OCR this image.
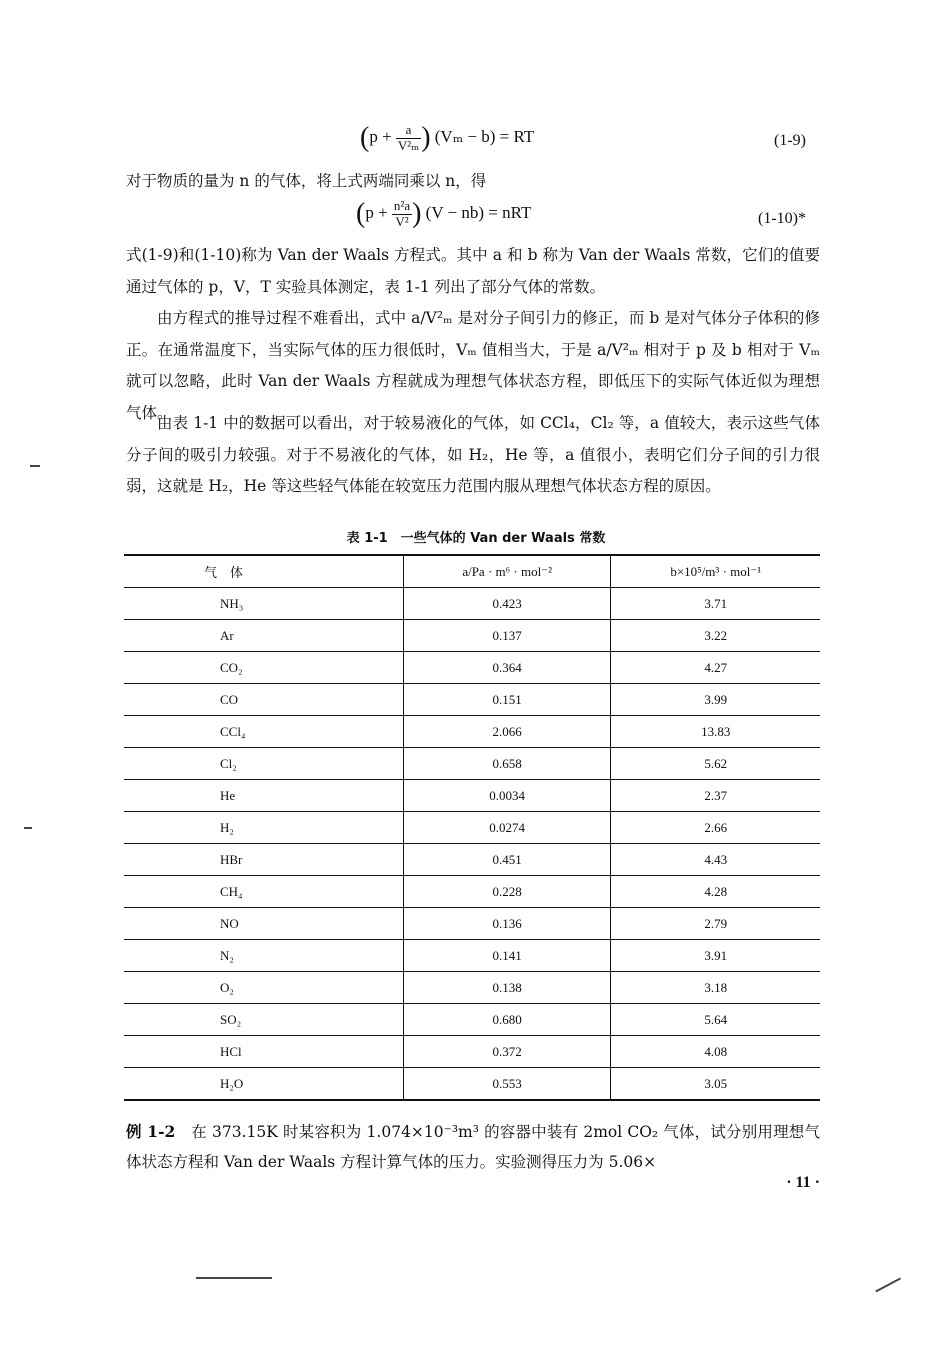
($p + \frac{a}{\text{V²ₘ}}$ ) (Vₘ − b) = RT	(1-9)
对于物质的量为 n 的气体，将上式两端同乘以 n，得
($p + \frac{\text{n²a}}{\text{V²}}$ ) (V − nb) = nRT	(1-10)*
式(1-9)和(1-10)称为 Van der Waals 方程式。其中 a 和 b 称为 Van der Waals 常数，它们的值要通过气体的 p，V，T 实验具体测定，表 1-1 列出了部分气体的常数。
由方程式的推导过程不难看出，式中 a/V²ₘ 是对分子间引力的修正，而 b 是对气体分子体积的修正。在通常温度下，当实际气体的压力很低时，Vₘ 值相当大，于是 a/V²ₘ 相对于 p 及 b 相对于 Vₘ 就可以忽略，此时 Van der Waals 方程就成为理想气体状态方程，即低压下的实际气体近似为理想气体。
由表 1-1 中的数据可以看出，对于较易液化的气体，如 CCl₄，Cl₂ 等，a 值较大，表示这些气体分子间的吸引力较强。对于不易液化的气体，如 H₂，He 等，a 值很小，表明它们分子间的引力很弱，这就是 H₂，He 等这些轻气体能在较宽压力范围内服从理想气体状态方程的原因。
表 1-1　一些气体的 Van der Waals 常数
气　体	a/Pa · m⁶ · mol⁻²	b×10⁵/m³ · mol⁻¹
NH₃	0.423	3.71
Ar	0.137	3.22
CO₂	0.364	4.27
CO	0.151	3.99
CCl₄	2.066	13.83
Cl₂	0.658	5.62
He	0.0034	2.37
H₂	0.0274	2.66
HBr	0.451	4.43
CH₄	0.228	4.28
NO	0.136	2.79
N₂	0.141	3.91
O₂	0.138	3.18
SO₂	0.680	5.64
HCl	0.372	4.08
H₂O	0.553	3.05
例 1-2　 在 373.15K 时某容积为 1.074×10⁻³m³ 的容器中装有 2mol CO₂ 气体，试分别用理想气体状态方程和 Van der Waals 方程计算气体的压力。实验测得压力为 5.06×
· 11 ·
